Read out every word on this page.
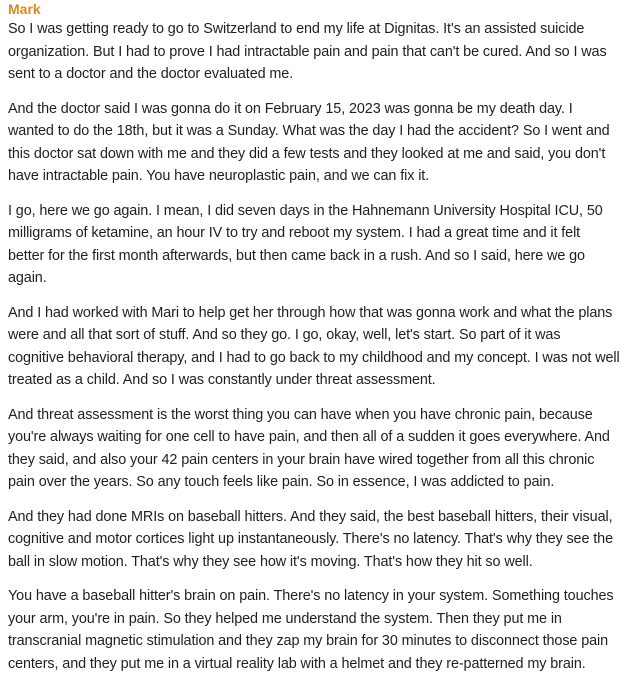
Mark

So I was getting ready to go to Switzerland to end my life at Dignitas. It's an assisted suicide organization. But I had to prove I had intractable pain and pain that can't be cured. And so I was sent to a doctor and the doctor evaluated me.

And the doctor said I was gonna do it on February 15, 2023 was gonna be my death day. I wanted to do the 18th, but it was a Sunday. What was the day I had the accident? So I went and this doctor sat down with me and they did a few tests and they looked at me and said, you don't have intractable pain. You have neuroplastic pain, and we can fix it.

I go, here we go again. I mean, I did seven days in the Hahnemann University Hospital ICU, 50 milligrams of ketamine, an hour IV to try and reboot my system. I had a great time and it felt better for the first month afterwards, but then came back in a rush. And so I said, here we go again.

And I had worked with Mari to help get her through how that was gonna work and what the plans were and all that sort of stuff. And so they go. I go, okay, well, let's start. So part of it was cognitive behavioral therapy, and I had to go back to my childhood and my concept. I was not well treated as a child. And so I was constantly under threat assessment.

And threat assessment is the worst thing you can have when you have chronic pain, because you're always waiting for one cell to have pain, and then all of a sudden it goes everywhere. And they said, and also your 42 pain centers in your brain have wired together from all this chronic pain over the years. So any touch feels like pain. So in essence, I was addicted to pain.

And they had done MRIs on baseball hitters. And they said, the best baseball hitters, their visual, cognitive and motor cortices light up instantaneously. There's no latency. That's why they see the ball in slow motion. That's why they see how it's moving. That's how they hit so well.

You have a baseball hitter's brain on pain. There's no latency in your system. Something touches your arm, you're in pain. So they helped me understand the system. Then they put me in transcranial magnetic stimulation and they zap my brain for 30 minutes to disconnect those pain centers, and they put me in a virtual reality lab with a helmet and they re-patterned my brain.
